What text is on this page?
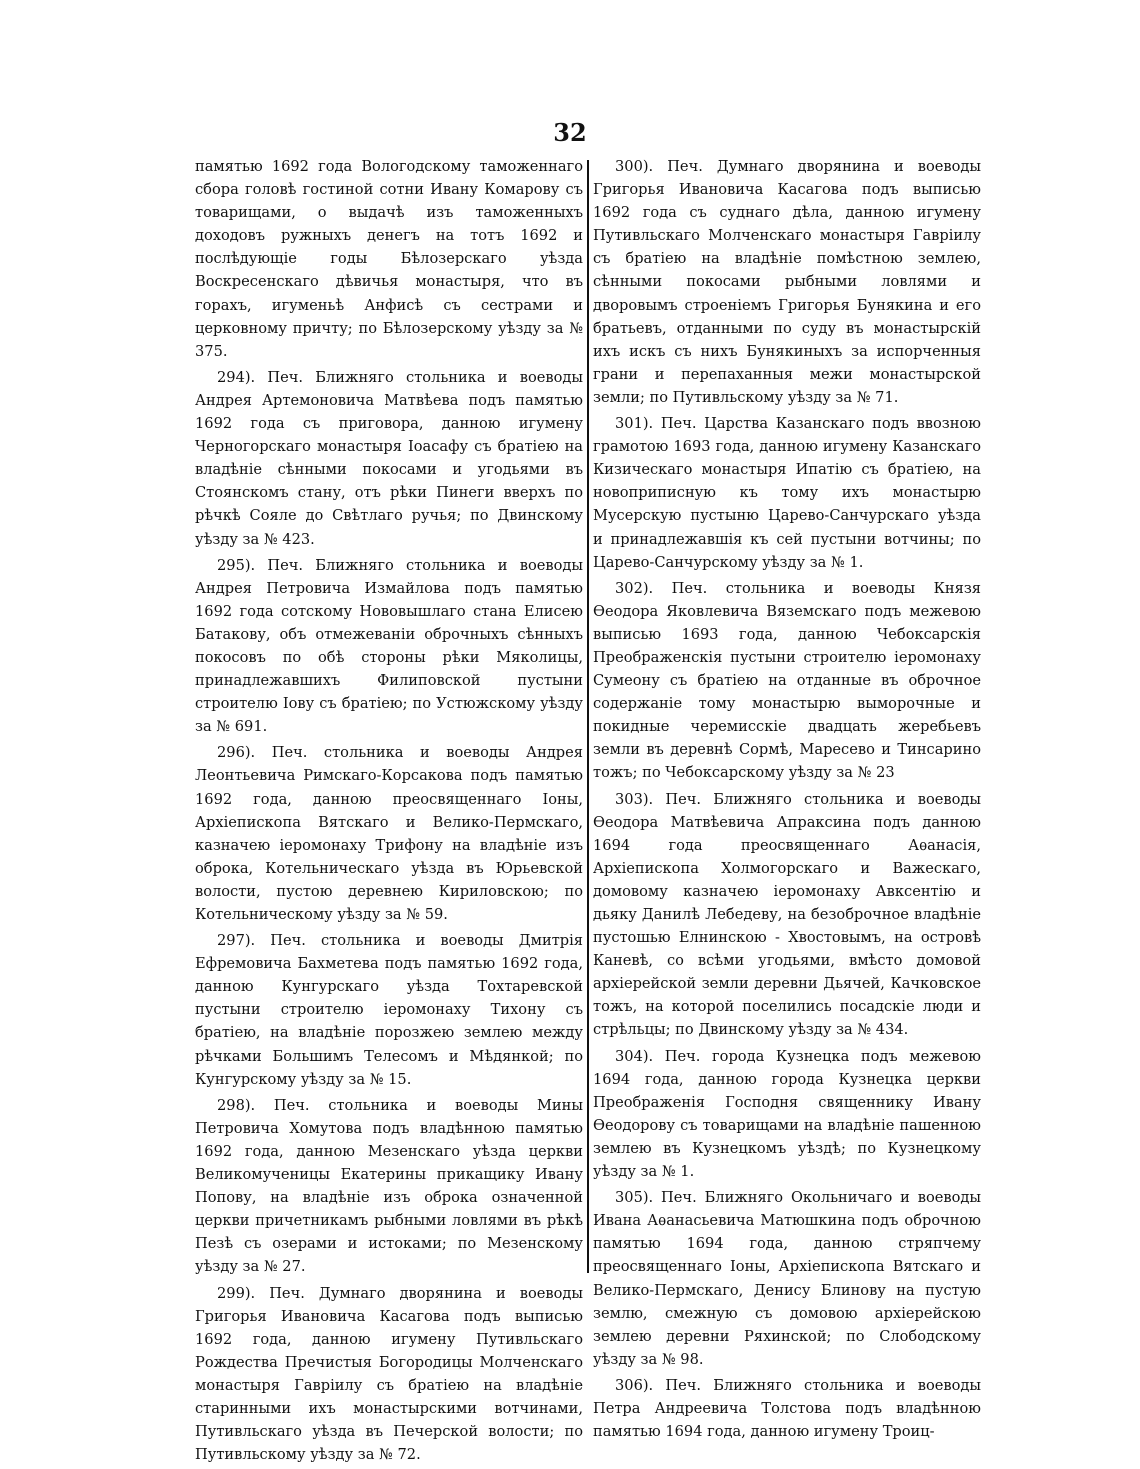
32

памятью 1692 года Вологодскому таможеннаго сбора головѣ гостиной сотни Ивану Комарову съ товарищами, о выдачѣ изъ таможенныхъ доходовъ ружныхъ денегъ на тотъ 1692 и послѣдующіе годы Бѣлозерскаго уѣзда Воскресенскаго дѣвичья монастыря, что въ горахъ, игуменьѣ Анфисѣ съ сестрами и церковному причту; по Бѣлозерскому уѣзду за № 375.

294). Печ. Ближняго стольника и воеводы Андрея Артемоновича Матвѣева подъ памятью 1692 года съ приговора, данною игумену Черногорскаго монастыря Іоасафу съ братіею на владѣніе сѣнными покосами и угодьями въ Стоянскомъ стану, отъ рѣки Пинеги вверхъ по рѣчкѣ Сояле до Свѣтлаго ручья; по Двинскому уѣзду за № 423.

295). Печ. Ближняго стольника и воеводы Андрея Петровича Измайлова подъ памятью 1692 года сотскому Нововышлаго стана Елисею Батакову, объ отмежеваніи оброчныхъ сѣнныхъ покосовъ по обѣ стороны рѣки Мяколицы, принадлежавшихъ Филиповской пустыни строителю Іову съ братіею; по Устюжскому уѣзду за № 691.

296). Печ. стольника и воеводы Андрея Леонтьевича Римскаго-Корсакова подъ памятью 1692 года, данною преосвященнаго Іоны, Архіепископа Вятскаго и Велико-Пермскаго, казначею іеромонаху Трифону на владѣніе изъ оброка, Котельническаго уѣзда въ Юрьевской волости, пустою деревнею Кириловскою; по Котельническому уѣзду за № 59.

297). Печ. стольника и воеводы Дмитрія Ефремовича Бахметева подъ памятью 1692 года, данною Кунгурскаго уѣзда Тохтаревской пустыни строителю іеромонаху Тихону съ братіею, на владѣніе порозжею землею между рѣчками Большимъ Телесомъ и Мѣдянкой; по Кунгурскому уѣзду за № 15.

298). Печ. стольника и воеводы Мины Петровича Хомутова подъ владѣнною памятью 1692 года, данною Мезенскаго уѣзда церкви Великомученицы Екатерины прикащику Ивану Попову, на владѣніе изъ оброка означенной церкви причетникамъ рыбными ловлями въ рѣкѣ Пезѣ съ озерами и истоками; по Мезенскому уѣзду за № 27.

299). Печ. Думнаго дворянина и воеводы Григорья Ивановича Касагова подъ выписью 1692 года, данною игумену Путивльскаго Рождества Пречистыя Богородицы Молченскаго монастыря Гаврiилу съ братіею на владѣніе старинными ихъ монастырскими вотчинами, Путивльскаго уѣзда въ Печерской волости; по Путивльскому уѣзду за № 72.

300). Печ. Думнаго дворянина и воеводы Григорья Ивановича Касагова подъ выписью 1692 года съ суднаго дѣла, данною игумену Путивльскаго Молченскаго монастыря Гаврiилу съ братіею на владѣніе помѣстною землею, сѣнными покосами рыбными ловлями и дворовымъ строеніемъ Григорья Бунякина и его братьевъ, отданными по суду въ монастырскій ихъ искъ съ нихъ Бунякиныхъ за испорченныя грани и перепаханныя межи монастырской земли; по Путивльскому уѣзду за № 71.

301). Печ. Царства Казанскаго подъ ввозною грамотою 1693 года, данною игумену Казанскаго Кизическаго монастыря Ипатію съ братіею, на новоприписную къ тому ихъ монастырю Мусерскую пустыню Царево-Санчурскаго уѣзда и принадлежавшія къ сей пустыни вотчины; по Царево-Санчурскому уѣзду за № 1.

302). Печ. стольника и воеводы Князя Ѳеодора Яковлевича Вяземскаго подъ межевою выписью 1693 года, данною Чебоксарскія Преображенскія пустыни строителю іеромонаху Сумеону съ братіею на отданные въ оброчное содержаніе тому монастырю выморочные и покидные черемисскіе двадцать жеребьевъ земли въ деревнѣ Сормѣ, Маресево и Тинсарино тожъ; по Чебоксарскому уѣзду за № 23

303). Печ. Ближняго стольника и воеводы Ѳеодора Матвѣевича Апраксина подъ данною 1694 года преосвященнаго Аѳанасія, Архіепископа Холмогорскаго и Важескаго, домовому казначею іеромонаху Авксентію и дьяку Данилѣ Лебедеву, на безоброчное владѣніе пустошью Елнинскою - Хвостовымъ, на островѣ Каневѣ, со всѣми угодьями, вмѣсто домовой архіерейской земли деревни Дьячей, Качковское тожъ, на которой поселились посадскіе люди и стрѣльцы; по Двинскому уѣзду за № 434.

304). Печ. города Кузнецка подъ межевою 1694 года, данною города Кузнецка церкви Преображенія Господня священнику Ивану Ѳеодорову съ товарищами на владѣніе пашенною землею въ Кузнецкомъ уѣздѣ; по Кузнецкому уѣзду за № 1.

305). Печ. Ближняго Окольничаго и воеводы Ивана Аѳанасьевича Матюшкина подъ оброчною памятью 1694 года, данною стряпчему преосвященнаго Іоны, Архіепископа Вятскаго и Велико-Пермскаго, Денису Блинову на пустую землю, смежную съ домовою архіерейскою землею деревни Ряхинской; по Слободскому уѣзду за № 98.

306). Печ. Ближняго стольника и воеводы Петра Андреевича Толстова подъ владѣнною памятью 1694 года, данною игумену Троиц-
